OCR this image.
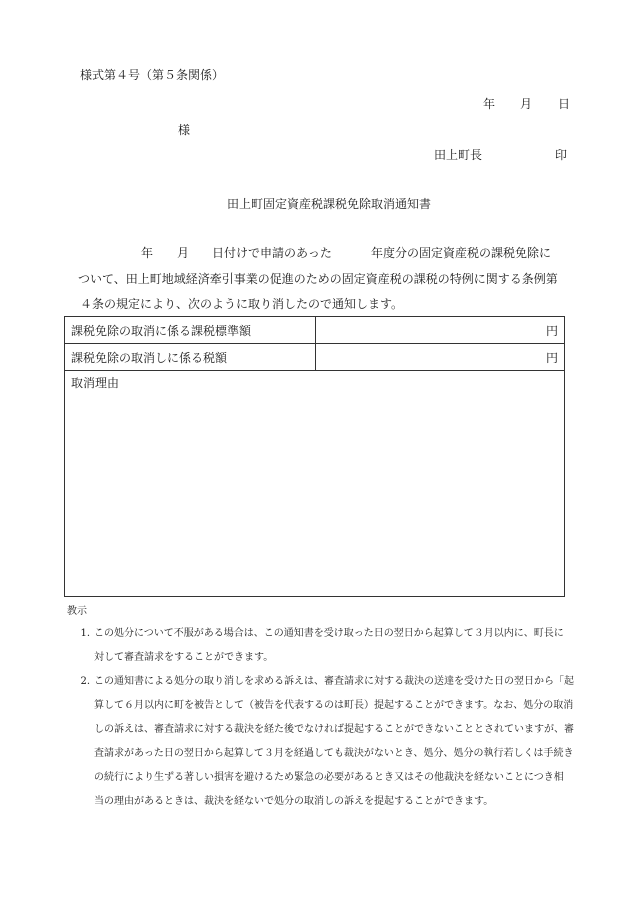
様式第４号（第５条関係）
年 月 日
様
田上町長	印
田上町固定資産税課税免除取消通知書
年 月 日付けで申請のあった	年度分の固定資産税の課税免除に
ついて、田上町地域経済牽引事業の促進のための固定資産税の課税の特例に関する条例第
４条の規定により、次のように取り消したので通知します。
課税免除の取消に係る課税標準額	円
課税免除の取消しに係る税額	円
取消理由
教示
1. この処分について不服がある場合は、この通知書を受け取った日の翌日から起算して３月以内に、町長に
対して審査請求をすることができます。
2. この通知書による処分の取り消しを求める訴えは、審査請求に対する裁決の送達を受けた日の翌日から「起
算して６月以内に町を被告として（被告を代表するのは町長）提起することができます。なお、処分の取消
しの訴えは、審査請求に対する裁決を経た後でなければ提起することができないこととされていますが、審
査請求があった日の翌日から起算して３月を経過しても裁決がないとき、処分、処分の執行若しくは手続き
の続行により生ずる著しい損害を避けるため緊急の必要があるとき又はその他裁決を経ないことにつき相
当の理由があるときは、裁決を経ないで処分の取消しの訴えを提起することができます。
